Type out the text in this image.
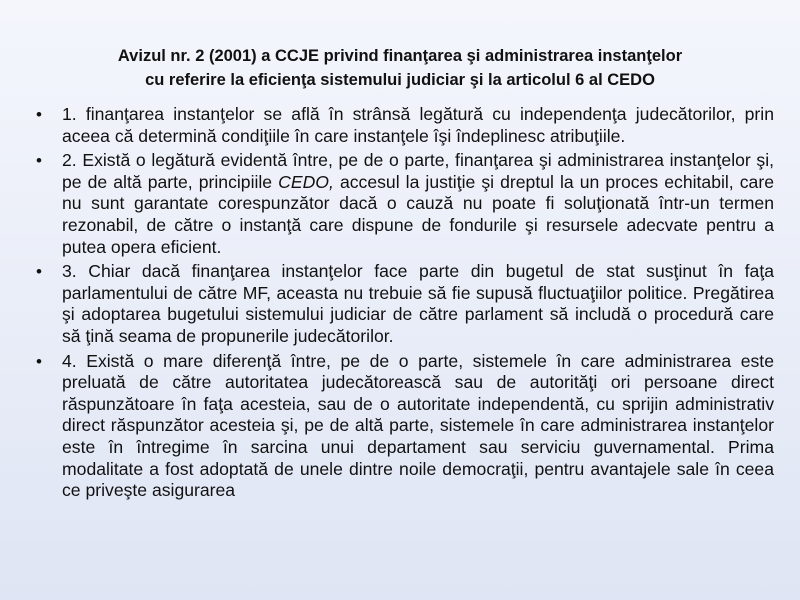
Avizul nr. 2 (2001) a CCJE privind finanţarea şi administrarea instanţelor
cu referire la eficienţa sistemului judiciar şi la articolul 6 al CEDO
• 1. finanţarea instanţelor se află în strânsă legătură cu independenţa judecătorilor, prin aceea că determină condiţiile în care instanţele îşi îndeplinesc atribuţiile.
• 2. Există o legătură evidentă între, pe de o parte, finanţarea şi administrarea instanţelor şi, pe de altă parte, principiile CEDO, accesul la justiţie şi dreptul la un proces echitabil, care nu sunt garantate corespunzător dacă o cauză nu poate fi soluţionată într-un termen rezonabil, de către o instanţă care dispune de fondurile şi resursele adecvate pentru a putea opera eficient.
• 3. Chiar dacă finanţarea instanţelor face parte din bugetul de stat susţinut în faţa parlamentului de către MF, aceasta nu trebuie să fie supusă fluctuaţiilor politice. Pregătirea şi adoptarea bugetului sistemului judiciar de către parlament să includă o procedură care să ţină seama de propunerile judecătorilor.
• 4. Există o mare diferenţă între, pe de o parte, sistemele în care administrarea este preluată de către autoritatea judecătorească sau de autorităţi ori persoane direct răspunzătoare în faţa acesteia, sau de o autoritate independentă, cu sprijin administrativ direct răspunzător acesteia şi, pe de altă parte, sistemele în care administrarea instanţelor este în întregime în sarcina unui departament sau serviciu guvernamental. Prima modalitate a fost adoptată de unele dintre noile democraţii, pentru avantajele sale în ceea ce priveşte asigurarea
